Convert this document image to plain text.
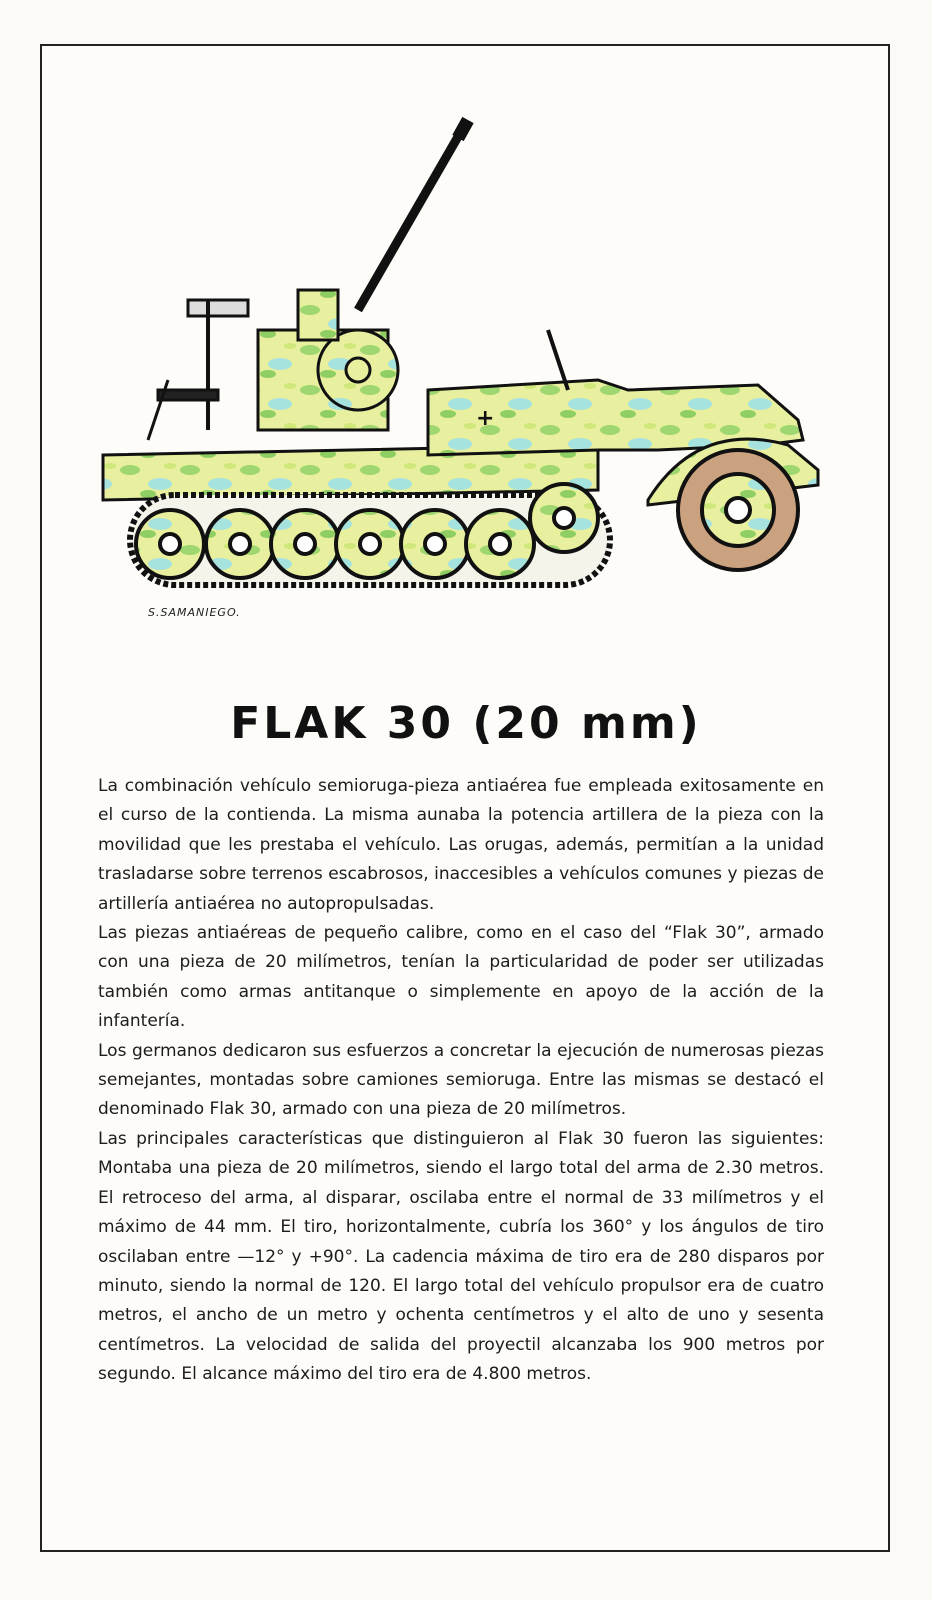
+
S.SAMANIEGO.
FLAK 30 (20 mm)

La combinación vehículo semioruga-pieza antiaérea fue empleada exitosamente en el curso de la contienda. La misma aunaba la potencia artillera de la pieza con la movilidad que les prestaba el vehículo. Las orugas, además, permitían a la unidad trasladarse sobre terrenos escabrosos, inaccesibles a vehículos comunes y piezas de artillería antiaérea no autopropulsadas.

Las piezas antiaéreas de pequeño calibre, como en el caso del “Flak 30”, armado con una pieza de 20 milímetros, tenían la particularidad de poder ser utilizadas también como armas antitanque o simplemente en apoyo de la acción de la infantería.

Los germanos dedicaron sus esfuerzos a concretar la ejecución de numerosas piezas semejantes, montadas sobre camiones semioruga. Entre las mismas se destacó el denominado Flak 30, armado con una pieza de 20 milímetros.

Las principales características que distinguieron al Flak 30 fueron las siguientes: Montaba una pieza de 20 milímetros, siendo el largo total del arma de 2.30 metros. El retroceso del arma, al disparar, oscilaba entre el normal de 33 milímetros y el máximo de 44 mm. El tiro, horizontalmente, cubría los 360° y los ángulos de tiro oscilaban entre —12° y +90°. La cadencia máxima de tiro era de 280 disparos por minuto, siendo la normal de 120. El largo total del vehículo propulsor era de cuatro metros, el ancho de un metro y ochenta centímetros y el alto de uno y sesenta centímetros. La velocidad de salida del proyectil alcanzaba los 900 metros por segundo. El alcance máximo del tiro era de 4.800 metros.
